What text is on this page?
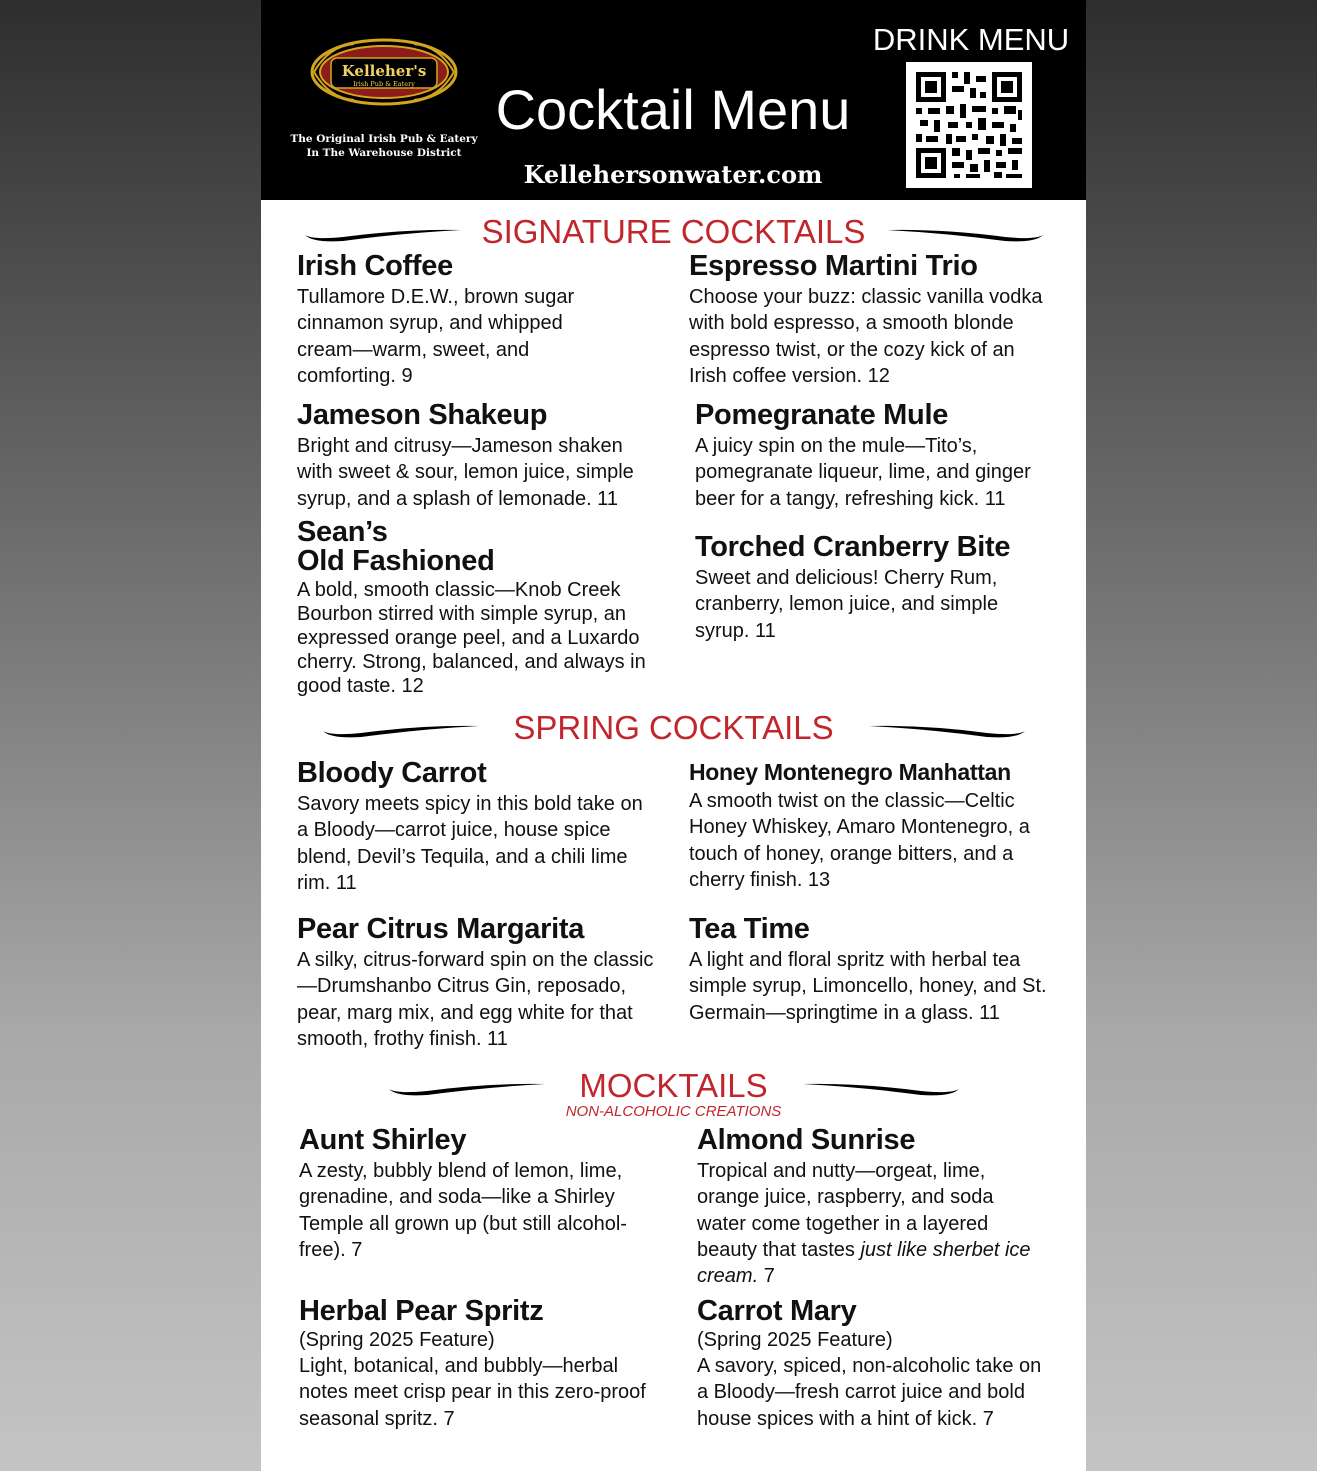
Kelleher's
Irish Pub & Eatery
The Original Irish Pub & Eatery
In The Warehouse District
Cocktail Menu
Kellehersonwater.com
DRINK MENU
SIGNATURE COCKTAILS
Irish Coffee
Tullamore D.E.W., brown sugar cinnamon syrup, and whipped cream—warm, sweet, and comforting. 9
Espresso Martini Trio
Choose your buzz: classic vanilla vodka with bold espresso, a smooth blonde espresso twist, or the cozy kick of an Irish coffee version. 12
Jameson Shakeup
Bright and citrusy—Jameson shaken with sweet & sour, lemon juice, simple syrup, and a splash of lemonade. 11
Pomegranate Mule
A juicy spin on the mule—Tito’s, pomegranate liqueur, lime, and ginger beer for a tangy, refreshing kick. 11
Sean’s
Old Fashioned
A bold, smooth classic—Knob Creek Bourbon stirred with simple syrup, an expressed orange peel, and a Luxardo cherry. Strong, balanced, and always in good taste. 12
Torched Cranberry Bite
Sweet and delicious! Cherry Rum, cranberry, lemon juice, and simple syrup. 11
SPRING COCKTAILS
Bloody Carrot
Savory meets spicy in this bold take on a Bloody—carrot juice, house spice blend, Devil’s Tequila, and a chili lime rim. 11
Honey Montenegro Manhattan
A smooth twist on the classic—Celtic Honey Whiskey, Amaro Montenegro, a touch of honey, orange bitters, and a cherry finish. 13
Pear Citrus Margarita
A silky, citrus-forward spin on the classic—Drumshanbo Citrus Gin, reposado, pear, marg mix, and egg white for that smooth, frothy finish. 11
Tea Time
A light and floral spritz with herbal tea simple syrup, Limoncello, honey, and St. Germain—springtime in a glass. 11
MOCKTAILS
NON-ALCOHOLIC CREATIONS
Aunt Shirley
A zesty, bubbly blend of lemon, lime, grenadine, and soda—like a Shirley Temple all grown up (but still alcohol-free). 7
Almond Sunrise
Tropical and nutty—orgeat, lime, orange juice, raspberry, and soda water come together in a layered beauty that tastes just like sherbet ice cream. 7
Herbal Pear Spritz
(Spring 2025 Feature)
Light, botanical, and bubbly—herbal notes meet crisp pear in this zero-proof seasonal spritz. 7
Carrot Mary
(Spring 2025 Feature)
A savory, spiced, non-alcoholic take on a Bloody—fresh carrot juice and bold house spices with a hint of kick. 7
